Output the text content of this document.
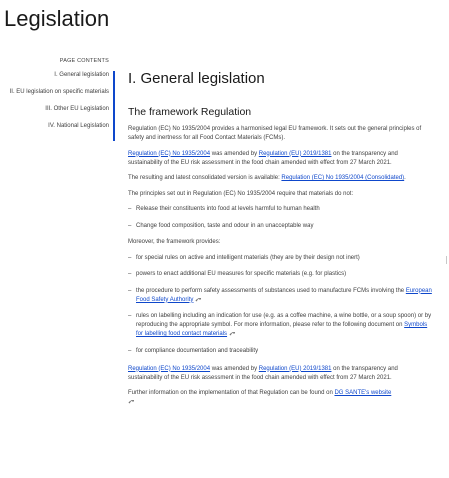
Legislation
PAGE CONTENTS
I. General legislation
II. EU legislation on specific materials
III. Other EU Legislation
IV. National Legislation
I. General legislation
The framework Regulation

Regulation (EC) No 1935/2004 provides a harmonised legal EU framework. It sets out the general principles of safety and inertness for all Food Contact Materials (FCMs).

Regulation (EC) No 1935/2004 was amended by Regulation (EU) 2019/1381 on the transparency and sustainability of the EU risk assessment in the food chain amended with effect from 27 March 2021.

The resulting and latest consolidated version is available: Regulation (EC) No 1935/2004 (Consolidated).

The principles set out in Regulation (EC) No 1935/2004 require that materials do not:

– Release their constituents into food at levels harmful to human health
– Change food composition, taste and odour in an unacceptable way

Moreover, the framework provides:

– for special rules on active and intelligent materials (they are by their design not inert)
– powers to enact additional EU measures for specific materials (e.g. for plastics)
– the procedure to perform safety assessments of substances used to manufacture FCMs involving the European Food Safety Authority
– rules on labelling including an indication for use (e.g. as a coffee machine, a wine bottle, or a soup spoon) or by reproducing the appropriate symbol. For more information, please refer to the following document on Symbols for labelling food contact materials
– for compliance documentation and traceability

Regulation (EC) No 1935/2004 was amended by Regulation (EU) 2019/1381 on the transparency and sustainability of the EU risk assessment in the food chain amended with effect from 27 March 2021.

Further information on the implementation of that Regulation can be found on DG SANTE's website
